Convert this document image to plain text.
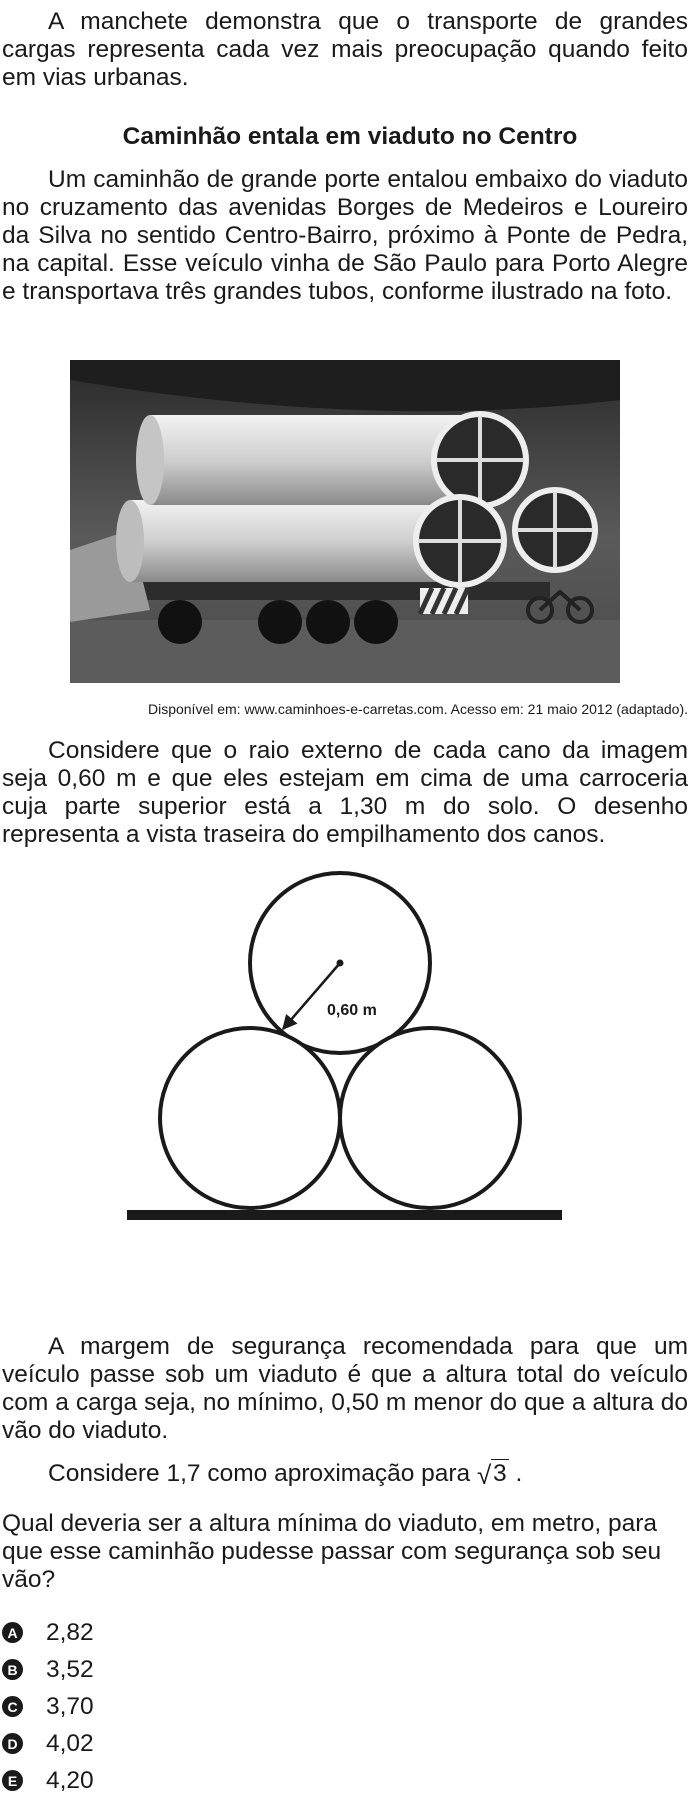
A manchete demonstra que o transporte de grandes cargas representa cada vez mais preocupação quando feito em vias urbanas.

Caminhão entala em viaduto no Centro

Um caminhão de grande porte entalou embaixo do viaduto no cruzamento das avenidas Borges de Medeiros e Loureiro da Silva no sentido Centro-Bairro, próximo à Ponte de Pedra, na capital. Esse veículo vinha de São Paulo para Porto Alegre e transportava três grandes tubos, conforme ilustrado na foto.

Disponível em: www.caminhoes-e-carretas.com. Acesso em: 21 maio 2012 (adaptado).

Considere que o raio externo de cada cano da imagem seja 0,60 m e que eles estejam em cima de uma carroceria cuja parte superior está a 1,30 m do solo. O desenho representa a vista traseira do empilhamento dos canos.

0,60 m

A margem de segurança recomendada para que um veículo passe sob um viaduto é que a altura total do veículo com a carga seja, no mínimo, 0,50 m menor do que a altura do vão do viaduto.

Considere 1,7 como aproximação para √ 3 .

Qual deveria ser a altura mínima do viaduto, em metro, para que esse caminhão pudesse passar com segurança sob seu vão?

A 2,82
B 3,52
C 3,70
D 4,02
E 4,20
